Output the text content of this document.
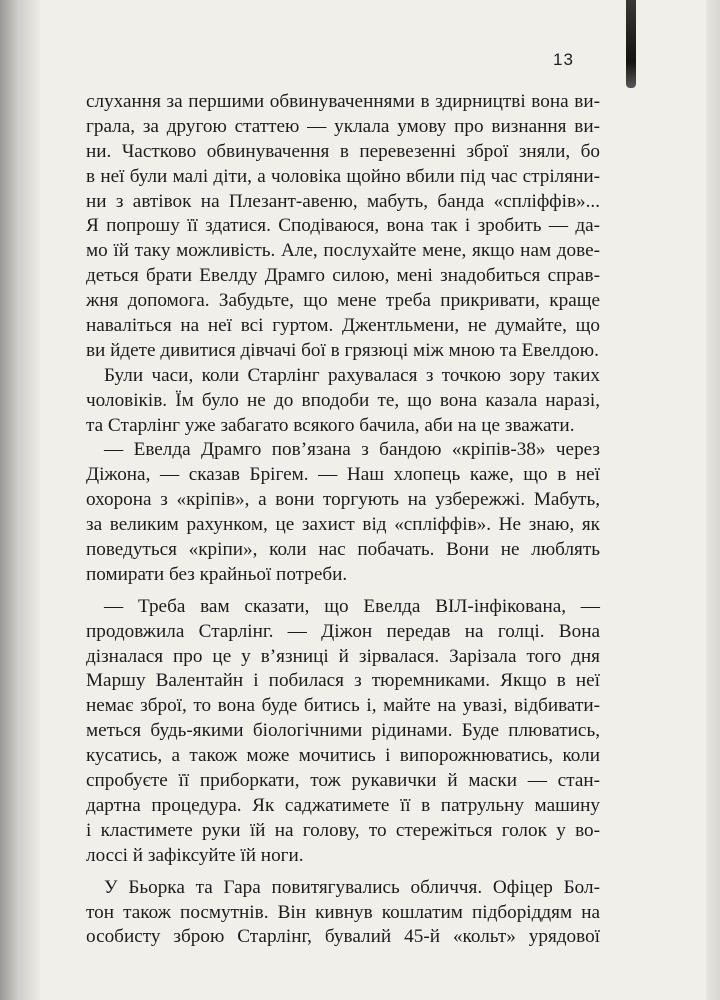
13
слухання за першими обвинуваченнями в здирництві вона ви-
грала, за другою статтею — уклала умову про визнання ви-
ни. Частково обвинувачення в перевезенні зброї зняли, бо
в неї були малі діти, а чоловіка щойно вбили під час стріляни-
ни з автівок на Плезант-авеню, мабуть, банда «спліффів»...
Я попрошу її здатися. Сподіваюся, вона так і зробить — да-
мо їй таку можливість. Але, послухайте мене, якщо нам дове-
деться брати Евелду Драмго силою, мені знадобиться справ-
жня допомога. Забудьте, що мене треба прикривати, краще
наваліться на неї всі гуртом. Джентльмени, не думайте, що
ви йдете дивитися дівчачі бої в грязюці між мною та Евелдою.
Були часи, коли Старлінг рахувалася з точкою зору таких
чоловіків. Їм було не до вподоби те, що вона казала наразі,
та Старлінг уже забагато всякого бачила, аби на це зважати.
— Евелда Драмго пов’язана з бандою «кріпів-38» через
Діжона, — сказав Брігем. — Наш хлопець каже, що в неї
охорона з «кріпів», а вони торгують на узбережжі. Мабуть,
за великим рахунком, це захист від «спліффів». Не знаю, як
поведуться «кріпи», коли нас побачать. Вони не люблять
помирати без крайньої потреби.
— Треба вам сказати, що Евелда ВІЛ-інфікована, —
продовжила Старлінг. — Діжон передав на голці. Вона
дізналася про це у в’язниці й зірвалася. Зарізала того дня
Маршу Валентайн і побилася з тюремниками. Якщо в неї
немає зброї, то вона буде битись і, майте на увазі, відбивати-
меться будь-якими біологічними рідинами. Буде плюватись,
кусатись, а також може мочитись і випорожнюватись, коли
спробуєте її приборкати, тож рукавички й маски — стан-
дартна процедура. Як саджатимете її в патрульну машину
і кластимете руки їй на голову, то стережіться голок у во-
лоссі й зафіксуйте їй ноги.
У Бьорка та Гара повитягувались обличчя. Офіцер Бол-
тон також посмутнів. Він кивнув кошлатим підборіддям на
особисту зброю Старлінг, бувалий 45-й «кольт» урядової
